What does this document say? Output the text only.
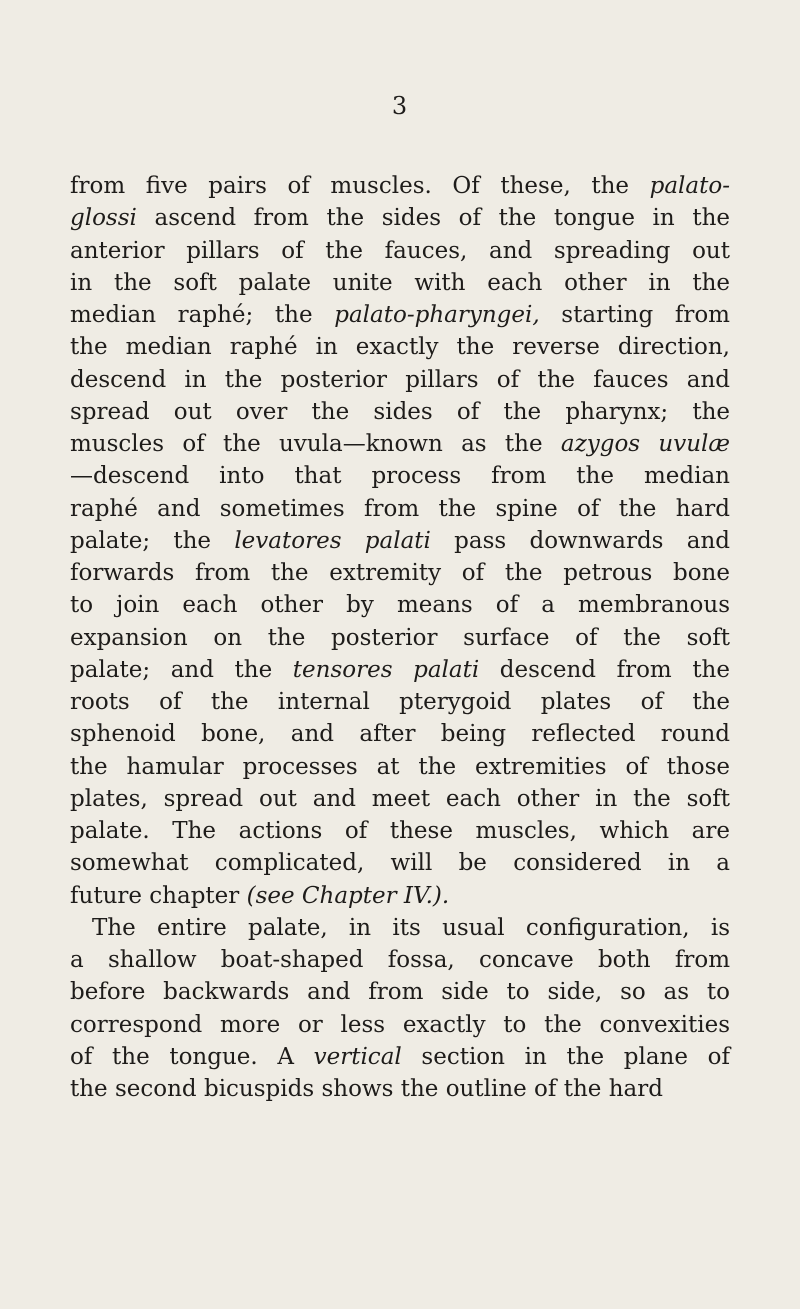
3
from five pairs of muscles. Of these, the palato-
glossi ascend from the sides of the tongue in the
anterior pillars of the fauces, and spreading out
in the soft palate unite with each other in the
median raphé; the palato-pharyngei, starting from
the median raphé in exactly the reverse direction,
descend in the posterior pillars of the fauces and
spread out over the sides of the pharynx; the
muscles of the uvula—known as the azygos uvulæ
—descend into that process from the median
raphé and sometimes from the spine of the hard
palate; the levatores palati pass downwards and
forwards from the extremity of the petrous bone
to join each other by means of a membranous
expansion on the posterior surface of the soft
palate; and the tensores palati descend from the
roots of the internal pterygoid plates of the
sphenoid bone, and after being reflected round
the hamular processes at the extremities of those
plates, spread out and meet each other in the soft
palate. The actions of these muscles, which are
somewhat complicated, will be considered in a
future chapter (see Chapter IV.).
The entire palate, in its usual configuration, is
a shallow boat-shaped fossa, concave both from
before backwards and from side to side, so as to
correspond more or less exactly to the convexities
of the tongue. A vertical section in the plane of
the second bicuspids shows the outline of the hard
